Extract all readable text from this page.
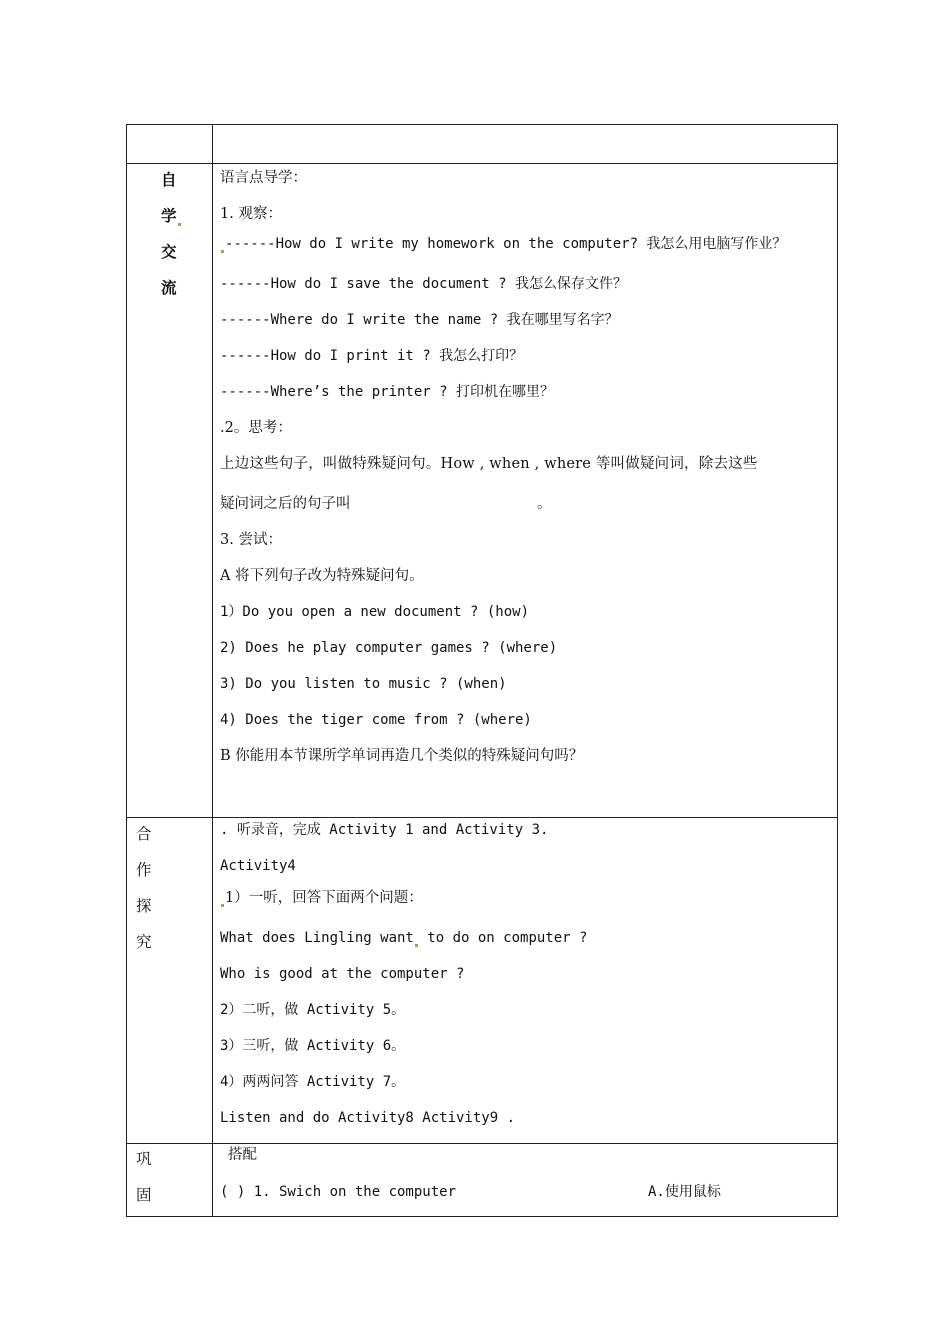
自
学
交
流
合
作
探
究
巩
固
语言点导学：
1. 观察：
------How do I write my homework on the computer? 我怎么用电脑写作业？
------How do I save the document ? 我怎么保存文件？
------Where do I write the name ? 我在哪里写名字？
------How do I print it ? 我怎么打印？
------Where’s the printer ? 打印机在哪里？
.2。思考：
上边这些句子，叫做特殊疑问句。How , when , where 等叫做疑问词，除去这些
疑问词之后的句子叫	。
3. 尝试：
A 将下列句子改为特殊疑问句。
1）Do you open a new document ? (how)
2) Does he play computer games ? (where)
3) Do you listen to music ? (when)
4) Does the tiger come from ? (where)
B 你能用本节课所学单词再造几个类似的特殊疑问句吗？
. 听录音，完成 Activity 1 and Activity 3.
Activity4
1）一听，回答下面两个问题：
What does Lingling want to do on computer ?
Who is good at the computer ?
2）二听，做 Activity 5。
3）三听，做 Activity 6。
4）两两问答 Activity 7。
Listen and do Activity8 Activity9 .
搭配
( ) 1. Swich on the computer	A.使用鼠标
